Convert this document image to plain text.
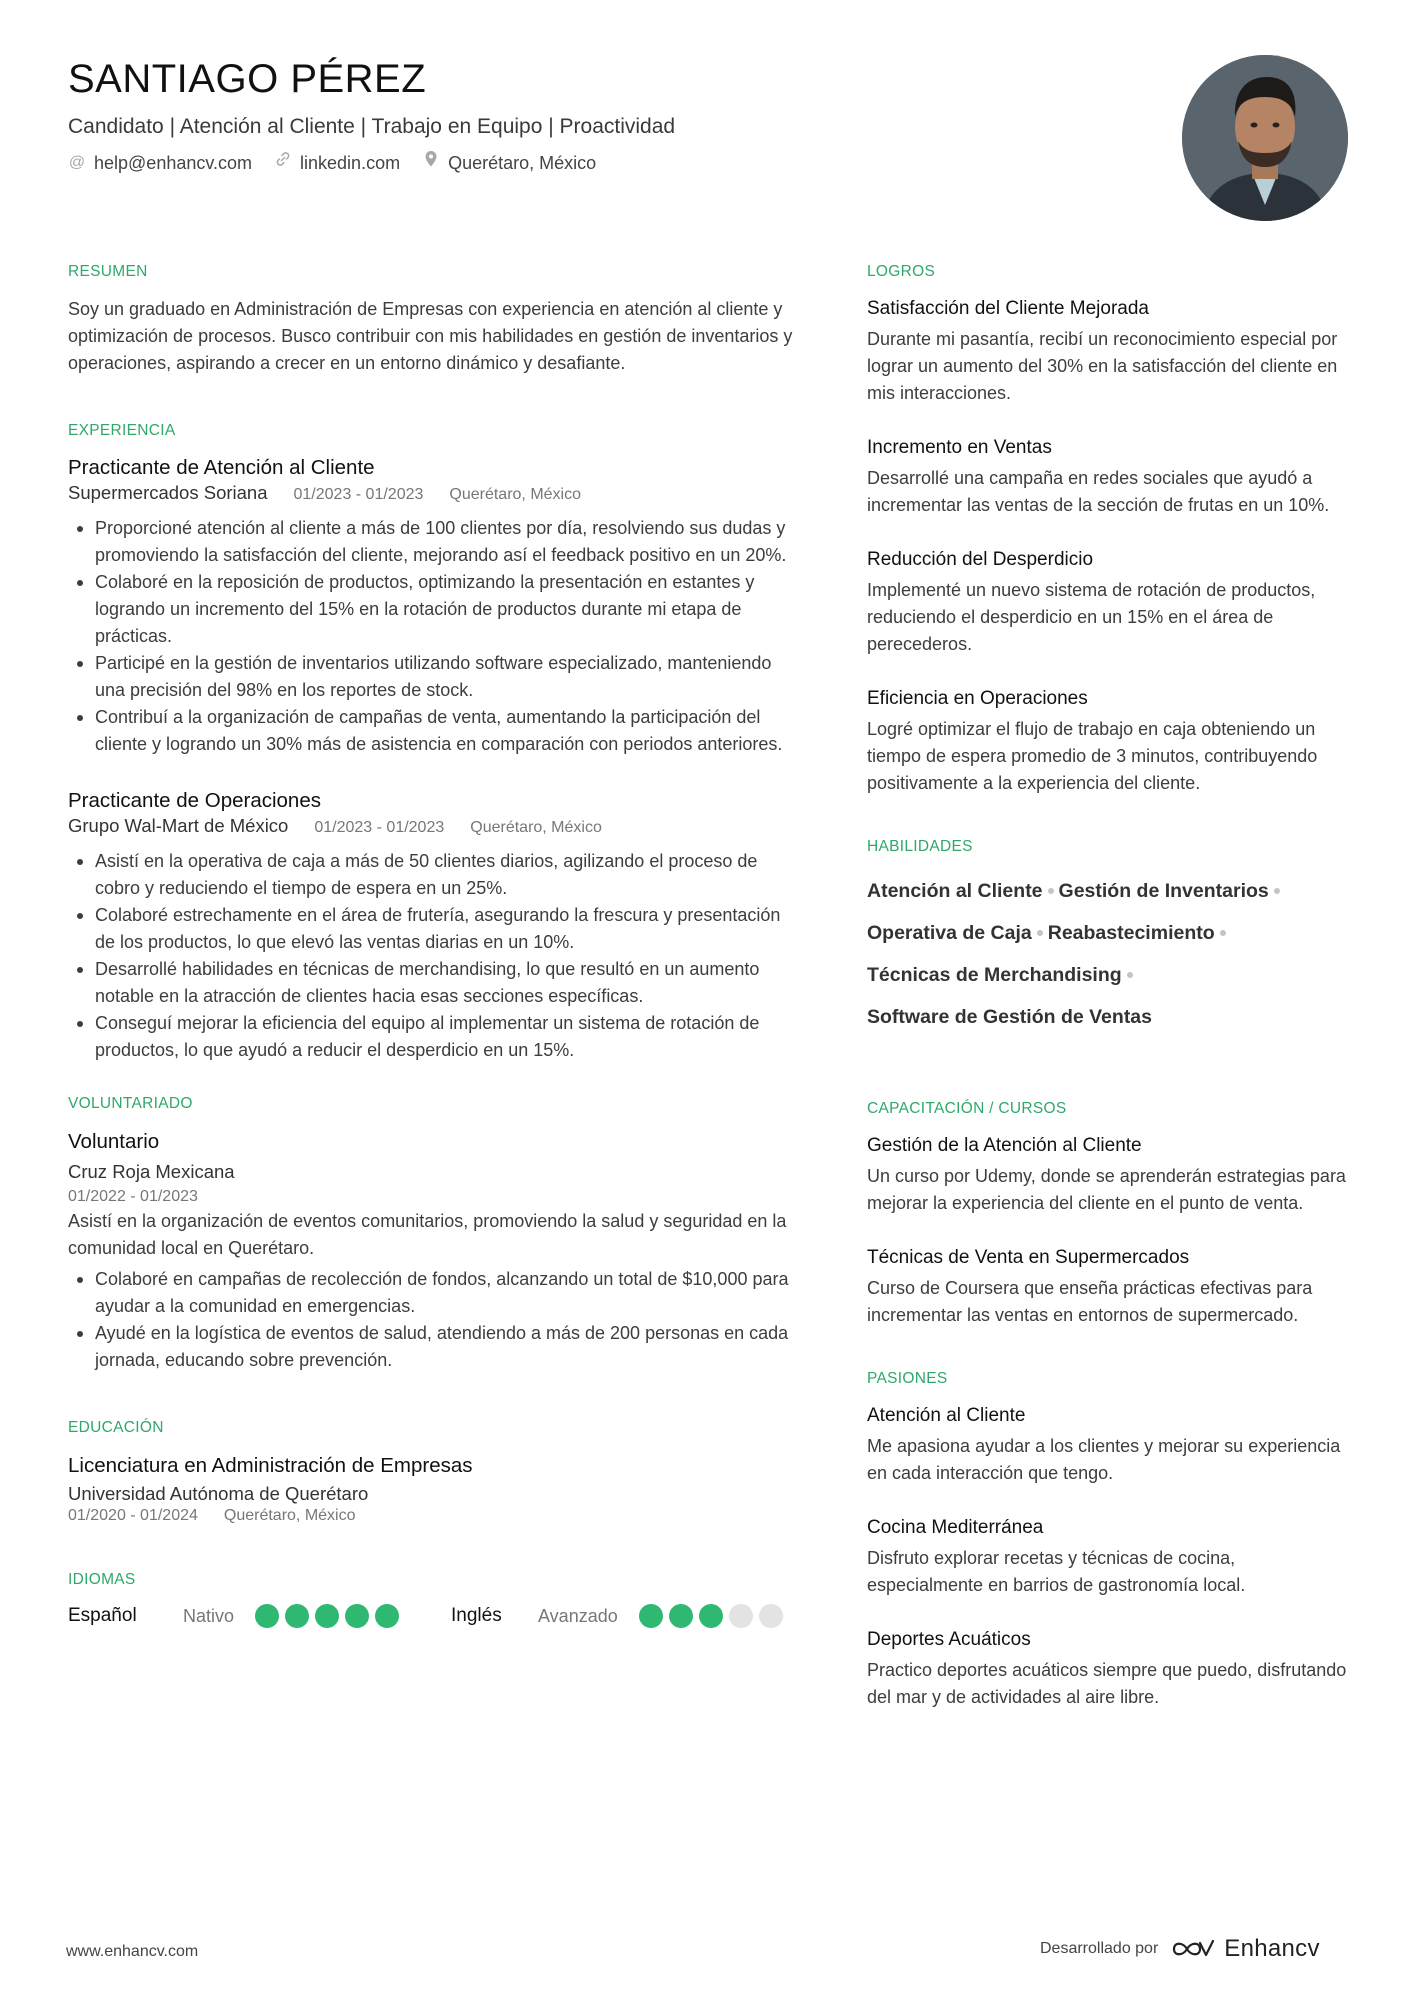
SANTIAGO PÉREZ
Candidato | Atención al Cliente | Trabajo en Equipo | Proactividad
@ help@enhancv.com	linkedin.com	Querétaro, México
RESUMEN
Soy un graduado en Administración de Empresas con experiencia en atención al cliente y optimización de procesos. Busco contribuir con mis habilidades en gestión de inventarios y operaciones, aspirando a crecer en un entorno dinámico y desafiante.
EXPERIENCIA
Practicante de Atención al Cliente
Supermercados Soriana 01/2023 - 01/2023 Querétaro, México
Proporcioné atención al cliente a más de 100 clientes por día, resolviendo sus dudas y promoviendo la satisfacción del cliente, mejorando así el feedback positivo en un 20%.
Colaboré en la reposición de productos, optimizando la presentación en estantes y logrando un incremento del 15% en la rotación de productos durante mi etapa de prácticas.
Participé en la gestión de inventarios utilizando software especializado, manteniendo una precisión del 98% en los reportes de stock.
Contribuí a la organización de campañas de venta, aumentando la participación del cliente y logrando un 30% más de asistencia en comparación con periodos anteriores.
Practicante de Operaciones
Grupo Wal-Mart de México 01/2023 - 01/2023 Querétaro, México
Asistí en la operativa de caja a más de 50 clientes diarios, agilizando el proceso de cobro y reduciendo el tiempo de espera en un 25%.
Colaboré estrechamente en el área de frutería, asegurando la frescura y presentación de los productos, lo que elevó las ventas diarias en un 10%.
Desarrollé habilidades en técnicas de merchandising, lo que resultó en un aumento notable en la atracción de clientes hacia esas secciones específicas.
Conseguí mejorar la eficiencia del equipo al implementar un sistema de rotación de productos, lo que ayudó a reducir el desperdicio en un 15%.
VOLUNTARIADO
Voluntario
Cruz Roja Mexicana
01/2022 - 01/2023
Asistí en la organización de eventos comunitarios, promoviendo la salud y seguridad en la comunidad local en Querétaro.
Colaboré en campañas de recolección de fondos, alcanzando un total de $10,000 para ayudar a la comunidad en emergencias.
Ayudé en la logística de eventos de salud, atendiendo a más de 200 personas en cada jornada, educando sobre prevención.
EDUCACIÓN
Licenciatura en Administración de Empresas
Universidad Autónoma de Querétaro
01/2020 - 01/2024 Querétaro, México
IDIOMAS
Español	Nativo	Inglés	Avanzado
LOGROS
Satisfacción del Cliente Mejorada
Durante mi pasantía, recibí un reconocimiento especial por lograr un aumento del 30% en la satisfacción del cliente en mis interacciones.
Incremento en Ventas
Desarrollé una campaña en redes sociales que ayudó a incrementar las ventas de la sección de frutas en un 10%.
Reducción del Desperdicio
Implementé un nuevo sistema de rotación de productos, reduciendo el desperdicio en un 15% en el área de perecederos.
Eficiencia en Operaciones
Logré optimizar el flujo de trabajo en caja obteniendo un tiempo de espera promedio de 3 minutos, contribuyendo positivamente a la experiencia del cliente.
HABILIDADES
Atención al Cliente Gestión de Inventarios
Operativa de Caja Reabastecimiento
Técnicas de Merchandising
Software de Gestión de Ventas
CAPACITACIÓN / CURSOS
Gestión de la Atención al Cliente
Un curso por Udemy, donde se aprenderán estrategias para mejorar la experiencia del cliente en el punto de venta.
Técnicas de Venta en Supermercados
Curso de Coursera que enseña prácticas efectivas para incrementar las ventas en entornos de supermercado.
PASIONES
Atención al Cliente
Me apasiona ayudar a los clientes y mejorar su experiencia en cada interacción que tengo.
Cocina Mediterránea
Disfruto explorar recetas y técnicas de cocina, especialmente en barrios de gastronomía local.
Deportes Acuáticos
Practico deportes acuáticos siempre que puedo, disfrutando del mar y de actividades al aire libre.
www.enhancv.com	Desarrollado por	Enhancv
